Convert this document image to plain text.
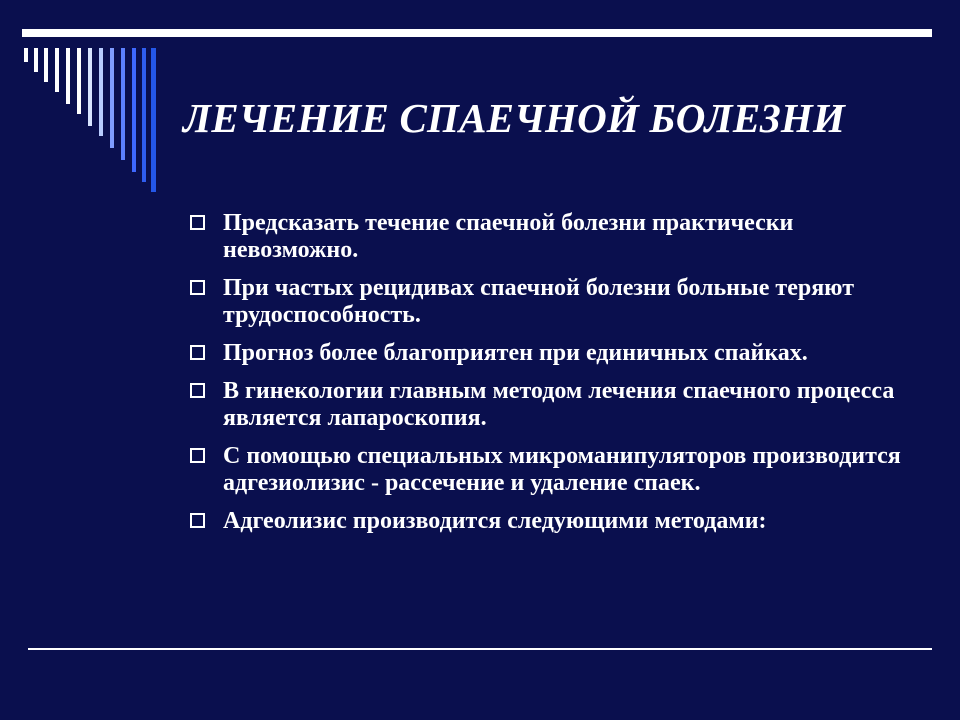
ЛЕЧЕНИЕ СПАЕЧНОЙ БОЛЕЗНИ
Предсказать течение спаечной болезни практически невозможно.
При частых рецидивах спаечной болезни больные теряют трудоспособность.
Прогноз более благоприятен при единичных спайках.
В гинекологии главным методом лечения спаечного процесса является лапароскопия.
С помощью специальных микроманипуляторов производится адгезиолизис - рассечение и удаление спаек.
Адгеолизис производится следующими методами:
